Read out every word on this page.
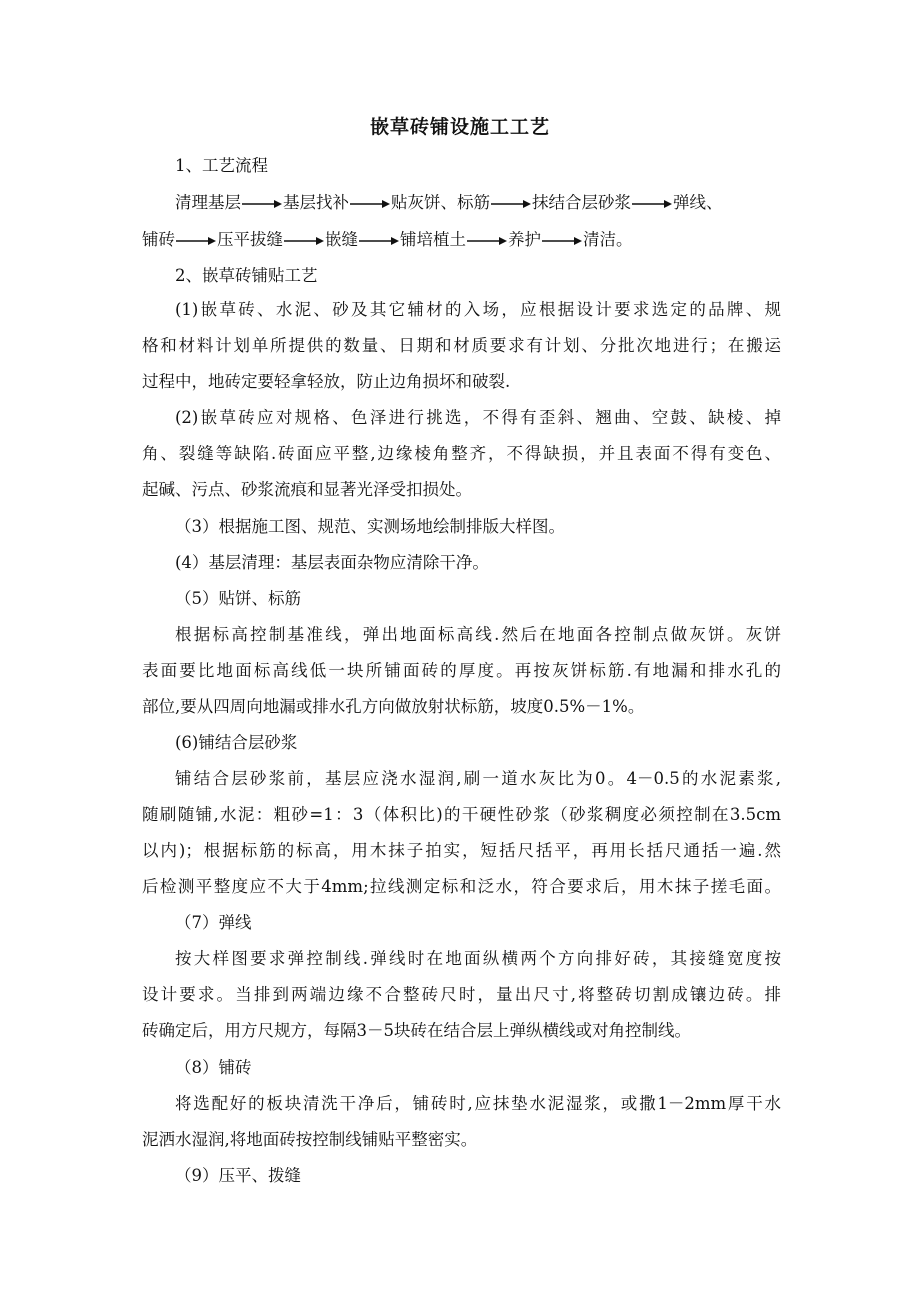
嵌草砖铺设施工工艺
1、工艺流程
清理基层	基层找补	贴灰饼、标筋	抹结合层砂浆	弹线、
铺砖	压平拔缝	嵌缝	铺培植土	养护	清洁。
2、嵌草砖铺贴工艺
(1)嵌草砖、水泥、砂及其它辅材的入场，应根据设计要求选定的品牌、规
格和材料计划单所提供的数量、日期和材质要求有计划、分批次地进行；在搬运
过程中，地砖定要轻拿轻放，防止边角损坏和破裂.
(2)嵌草砖应对规格、色泽进行挑选，不得有歪斜、翘曲、空鼓、缺棱、掉
角、裂缝等缺陷.砖面应平整,边缘棱角整齐，不得缺损，并且表面不得有变色、
起碱、污点、砂浆流痕和显著光泽受扣损处。
（3）根据施工图、规范、实测场地绘制排版大样图。
(4）基层清理：基层表面杂物应清除干净。
（5）贴饼、标筋
根据标高控制基准线，弹出地面标高线.然后在地面各控制点做灰饼。灰饼
表面要比地面标高线低一块所铺面砖的厚度。再按灰饼标筋.有地漏和排水孔的
部位,要从四周向地漏或排水孔方向做放射状标筋，坡度0.5%－1%。
(6)铺结合层砂浆
铺结合层砂浆前，基层应浇水湿润,刷一道水灰比为0。4－0.5的水泥素浆,
随刷随铺,水泥：粗砂=1：3（体积比)的干硬性砂浆（砂浆稠度必须控制在3.5cm
以内)；根据标筋的标高，用木抹子拍实，短括尺括平，再用长括尺通括一遍.然
后检测平整度应不大于4mm;拉线测定标和泛水，符合要求后，用木抹子搓毛面。
（7）弹线
按大样图要求弹控制线.弹线时在地面纵横两个方向排好砖，其接缝宽度按
设计要求。当排到两端边缘不合整砖尺时，量出尺寸,将整砖切割成镶边砖。排
砖确定后，用方尺规方，每隔3－5块砖在结合层上弹纵横线或对角控制线。
（8）铺砖
将选配好的板块清洗干净后，铺砖时,应抹垫水泥湿浆，或撒1－2mm厚干水
泥洒水湿润,将地面砖按控制线铺贴平整密实。
（9）压平、拨缝
